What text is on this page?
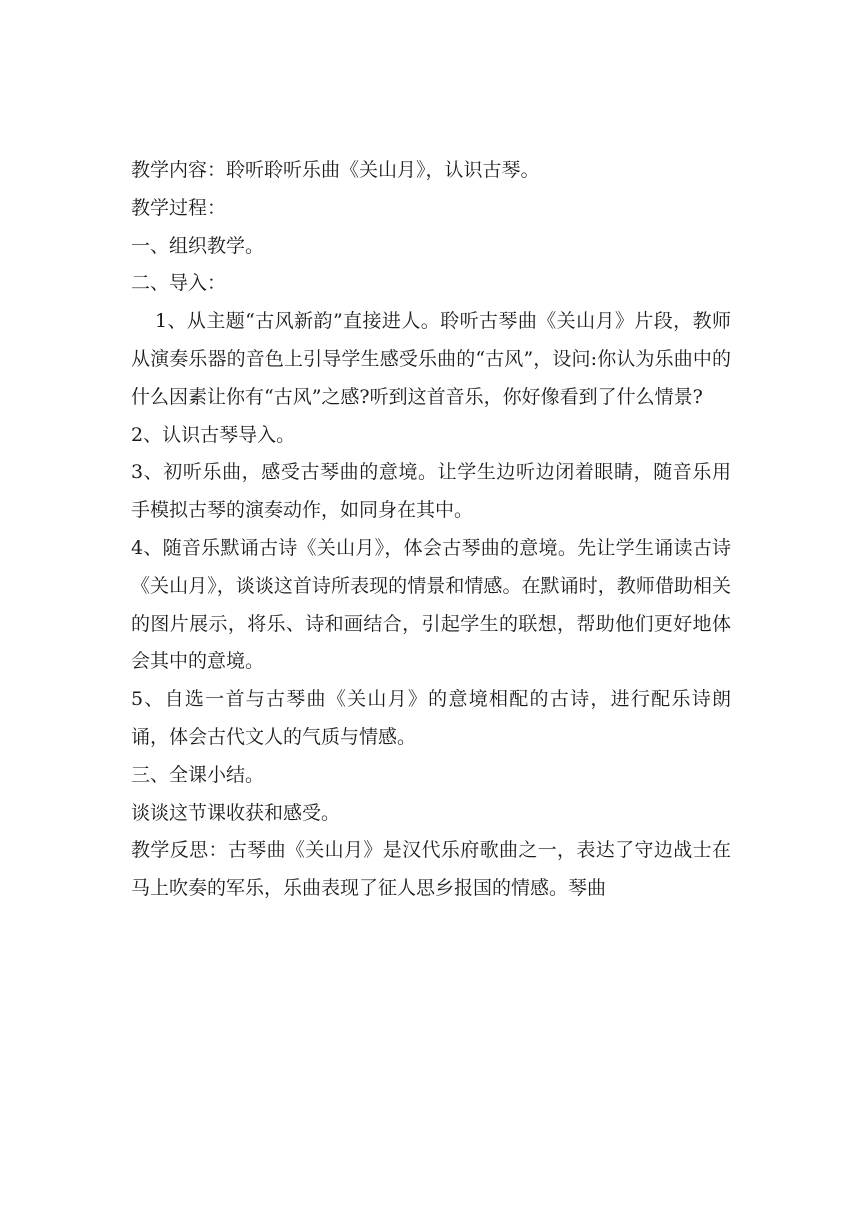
教学内容：聆听聆听乐曲《关山月》，认识古琴。

教学过程：

一、组织教学。

二、导入：

1、从主题“古风新韵”直接进人。聆听古琴曲《关山月》片段，教师从演奏乐器的音色上引导学生感受乐曲的“古风”，设问:你认为乐曲中的什么因素让你有“古风”之感?听到这首音乐，你好像看到了什么情景?

2、认识古琴导入。

3、初听乐曲，感受古琴曲的意境。让学生边听边闭着眼睛，随音乐用手模拟古琴的演奏动作，如同身在其中。

4、随音乐默诵古诗《关山月》，体会古琴曲的意境。先让学生诵读古诗《关山月》，谈谈这首诗所表现的情景和情感。在默诵时，教师借助相关的图片展示，将乐、诗和画结合，引起学生的联想，帮助他们更好地体会其中的意境。

5、自选一首与古琴曲《关山月》的意境相配的古诗，进行配乐诗朗诵，体会古代文人的气质与情感。

三、全课小结。

谈谈这节课收获和感受。

教学反思：古琴曲《关山月》是汉代乐府歌曲之一，表达了守边战士在马上吹奏的军乐，乐曲表现了征人思乡报国的情感。琴曲
